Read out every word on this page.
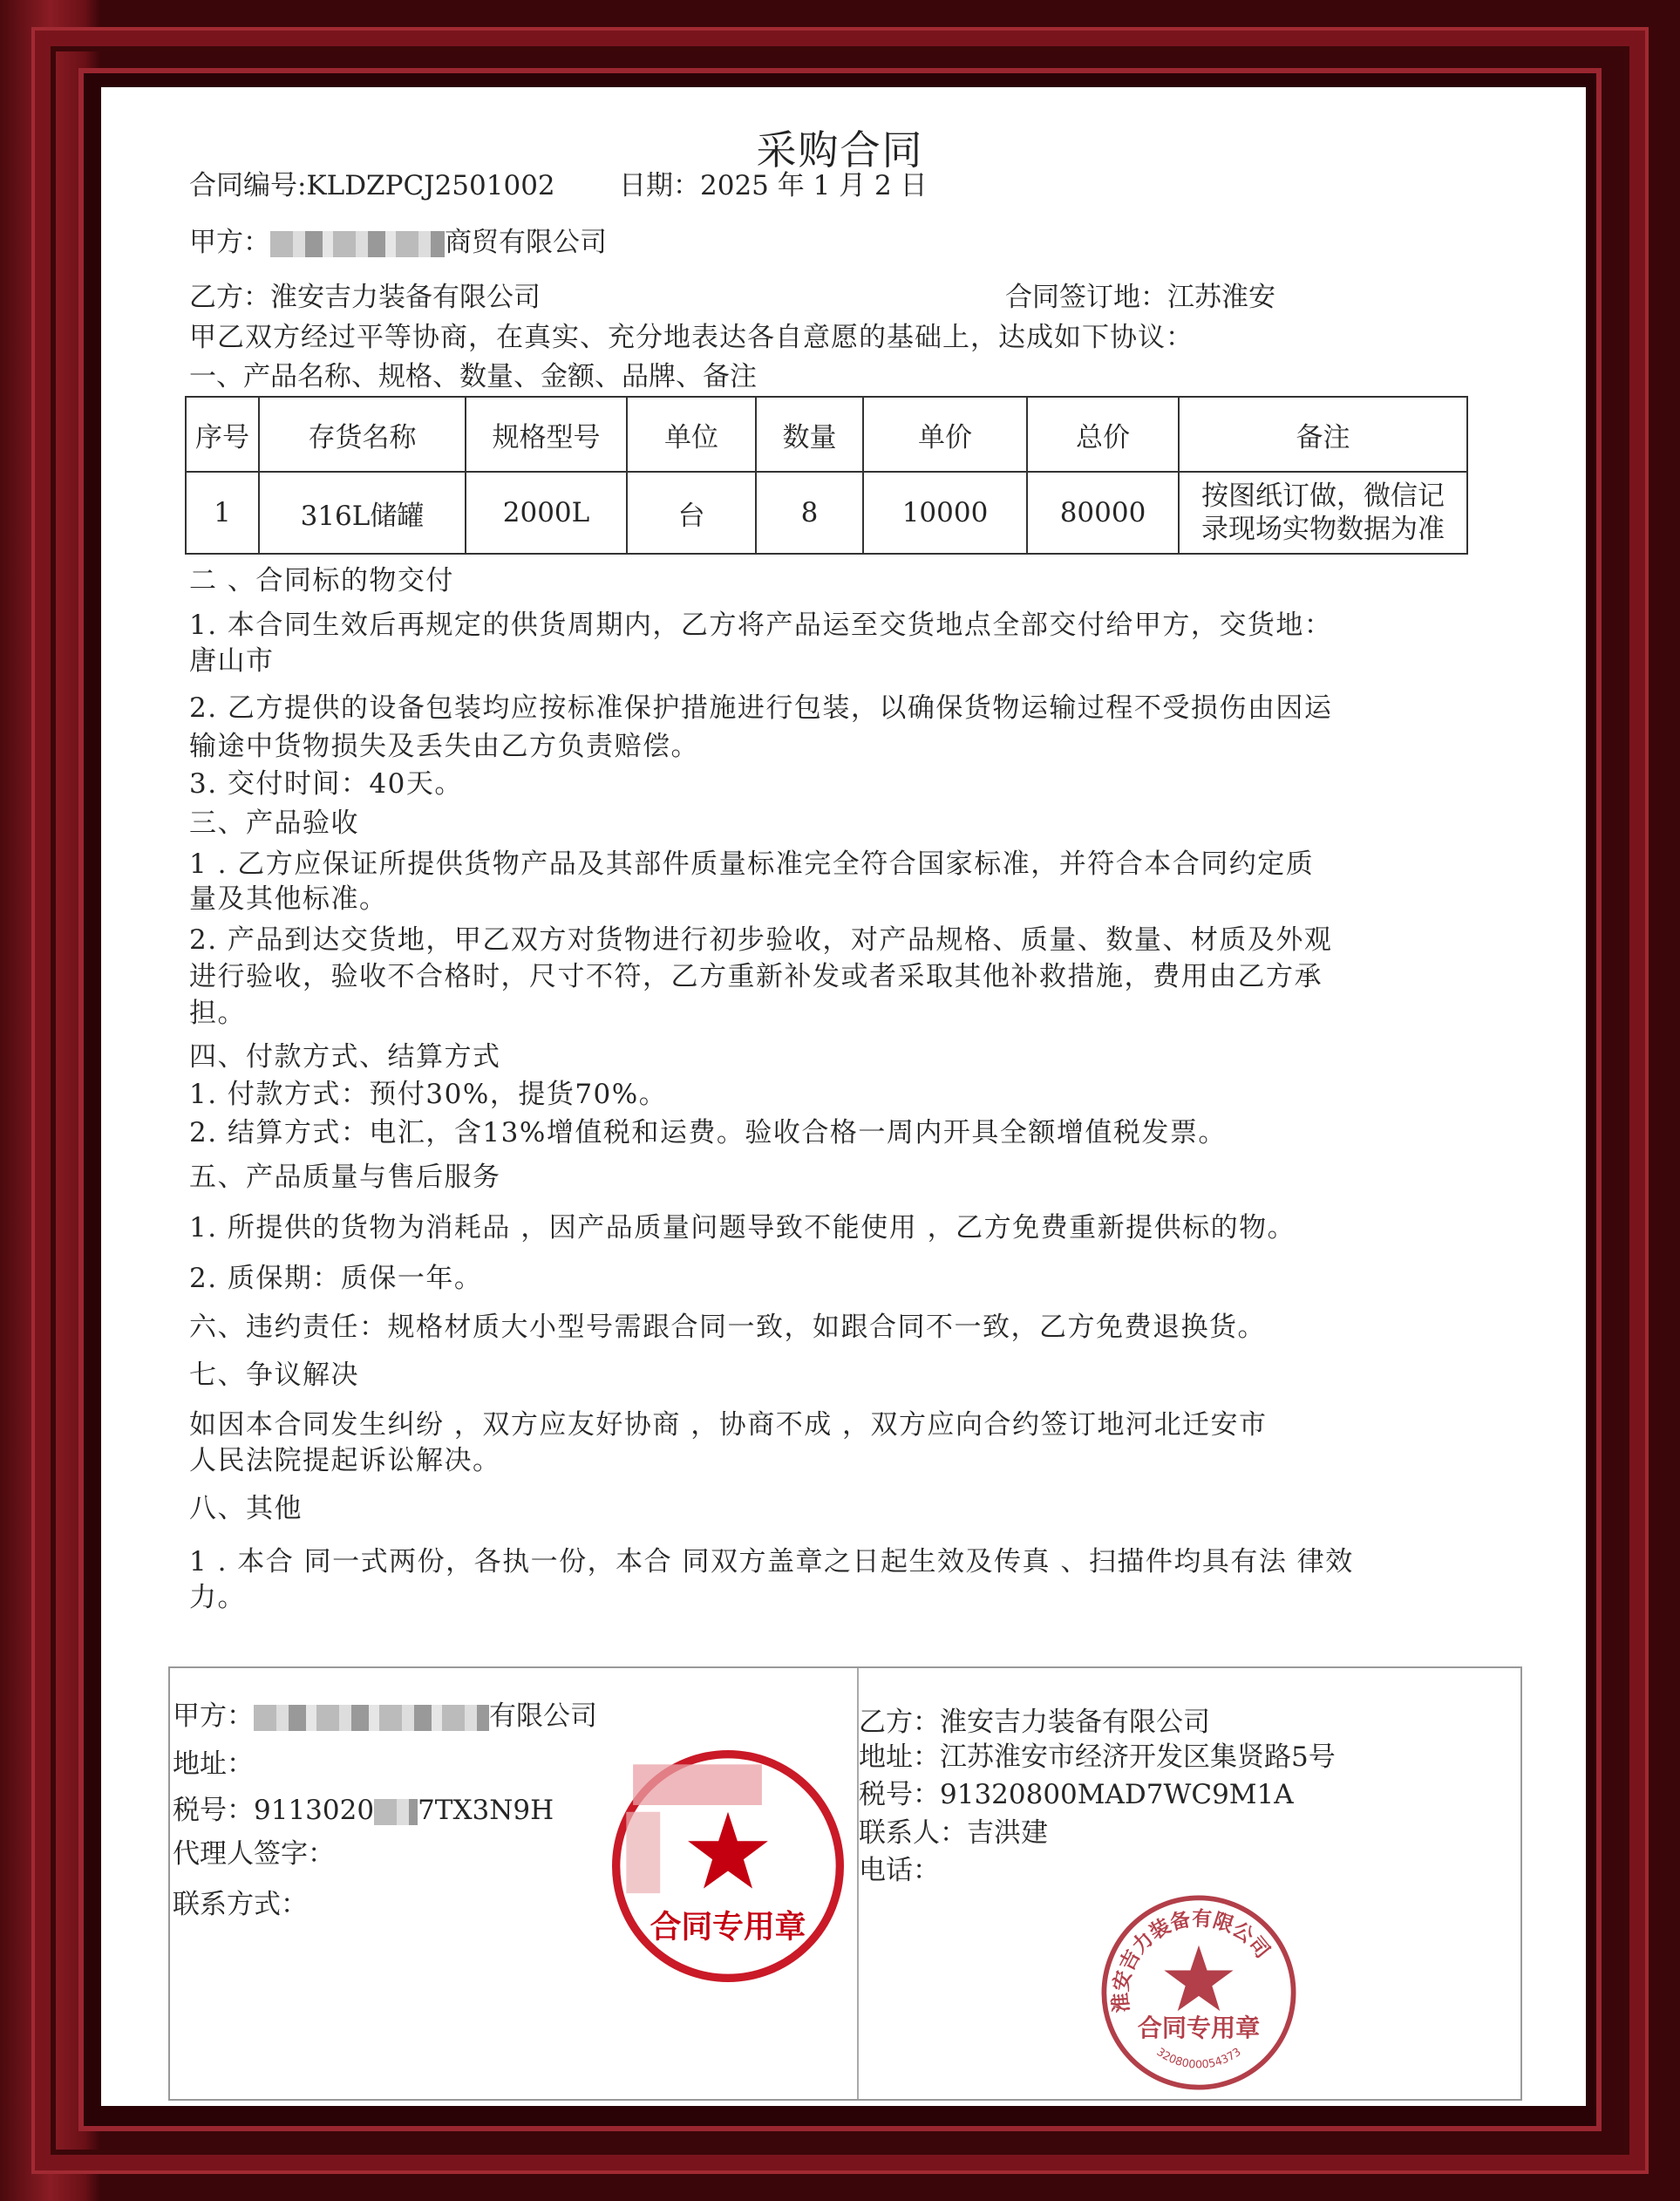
采购合同
合同编号:KLDZPCJ2501002 日期：2025 年 1 月 2 日
甲方：	商贸有限公司
乙方：淮安吉力装备有限公司	合同签订地：江苏淮安
甲乙双方经过平等协商，在真实、充分地表达各自意愿的基础上，达成如下协议：
一、产品名称、规格、数量、金额、品牌、备注
序号	存货名称	规格型号	单位	数量	单价	总价	备注
1	316L储罐	2000L	台	8	10000	80000	按图纸订做，微信记录现场实物数据为准
二 、合同标的物交付
1. 本合同生效后再规定的供货周期内，乙方将产品运至交货地点全部交付给甲方，交货地：
唐山市
2. 乙方提供的设备包装均应按标准保护措施进行包装，以确保货物运输过程不受损伤由因运
输途中货物损失及丢失由乙方负责赔偿。
3. 交付时间：40天。
三、产品验收
1 . 乙方应保证所提供货物产品及其部件质量标准完全符合国家标准，并符合本合同约定质
量及其他标准。
2. 产品到达交货地，甲乙双方对货物进行初步验收，对产品规格、质量、数量、材质及外观
进行验收，验收不合格时，尺寸不符，乙方重新补发或者采取其他补救措施，费用由乙方承
担。
四、付款方式、结算方式
1. 付款方式：预付30%，提货70%。
2. 结算方式：电汇，含13%增值税和运费。验收合格一周内开具全额增值税发票。
五、产品质量与售后服务
1. 所提供的货物为消耗品 ，因产品质量问题导致不能使用 ，乙方免费重新提供标的物。
2. 质保期：质保一年。
六、违约责任：规格材质大小型号需跟合同一致，如跟合同不一致，乙方免费退换货。
七、争议解决
如因本合同发生纠纷 ，双方应友好协商 ，协商不成 ，双方应向合约签订地河北迁安市
人民法院提起诉讼解决。
八、其他
1 . 本合 同一式两份，各执一份，本合 同双方盖章之日起生效及传真 、扫描件均具有法 律效
力。
甲方：	有限公司
地址：
税号：9113020 7TX3N9H
代理人签字：
联系方式：
乙方：淮安吉力装备有限公司
地址：江苏淮安市经济开发区集贤路5号
税号：91320800MAD7WC9M1A
联系人：吉洪建
电话：
合同专用章
淮安吉力装备有限公司
合同专用章
3208000054373
